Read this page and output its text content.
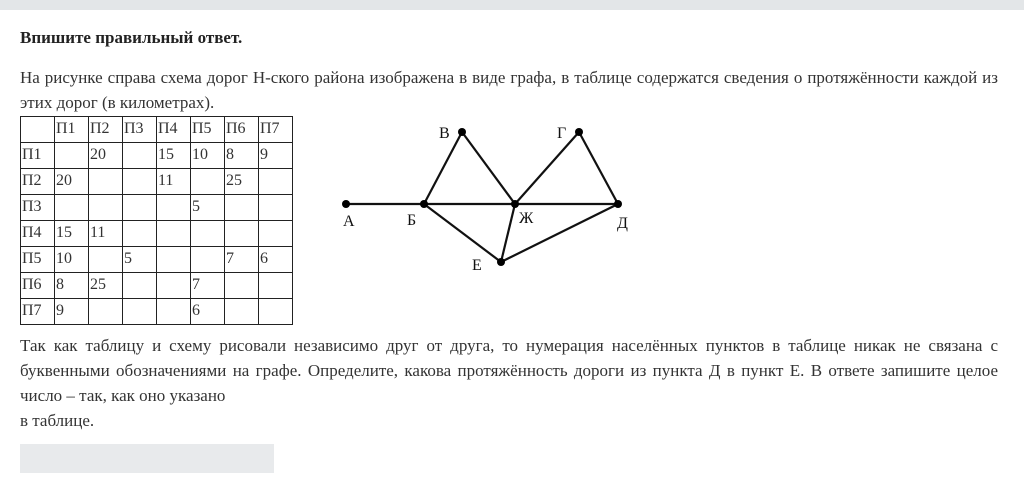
Впишите правильный ответ.

На рисунке справа схема дорог Н-ского района изображена в виде графа, в таблице содержатся сведения о протяжённости каждой из этих дорог (в километрах).

	П1	П2	П3	П4	П5	П6	П7
П1		20		15	10	8	9
П2	20			11		25	
П3					5		
П4	15	11					
П5	10		5			7	6
П6	8	25			7		
П7	9				6		
А	Б
В	Г
Д
Е
Ж

Так как таблицу и схему рисовали независимо друг от друга, то нумерация населённых пунктов в таблице никак не связана с буквенными обозначениями на графе. Определите, какова протяжённость дороги из пункта Д в пункт Е. В ответе запишите целое число – так, как оно указано
в таблице.
